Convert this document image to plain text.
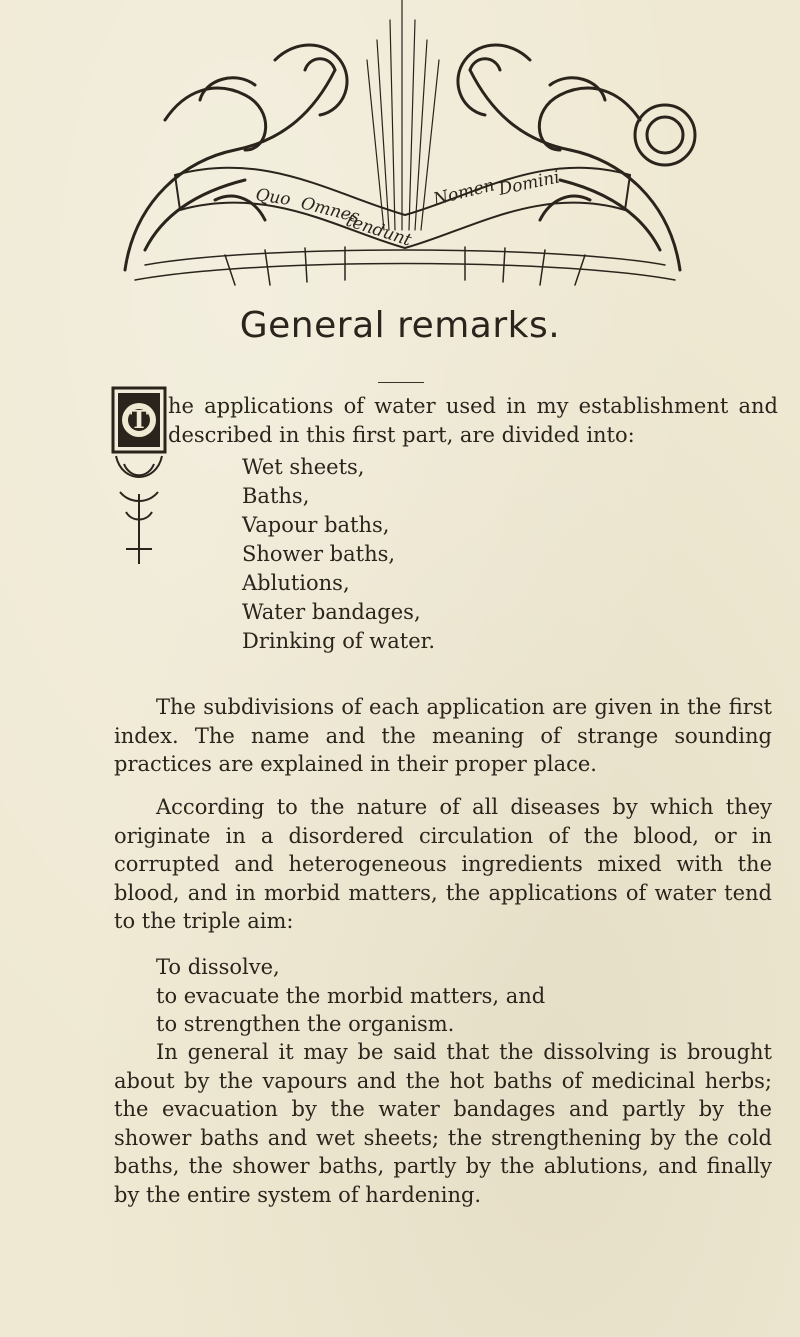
Quo Omnes
tendunt
Nomen Domini
General remarks.
T he applications of water used in my establishment and described in this first part, are divided into:

Wet sheets,
Baths,
Vapour baths,
Shower baths,
Ablutions,
Water bandages,
Drinking of water.

The subdivisions of each application are given in the first index. The name and the meaning of strange sounding practices are explained in their proper place.

According to the nature of all diseases by which they originate in a disordered circulation of the blood, or in corrupted and heterogeneous ingredients mixed with the blood, and in morbid matters, the applications of water tend to the triple aim:

To dissolve,
to evacuate the morbid matters, and
to strengthen the organism.

In general it may be said that the dissolving is brought about by the vapours and the hot baths of medicinal herbs; the evacuation by the water bandages and partly by the shower baths and wet sheets; the strengthening by the cold baths, the shower baths, partly by the ablutions, and finally by the entire system of hardening.
